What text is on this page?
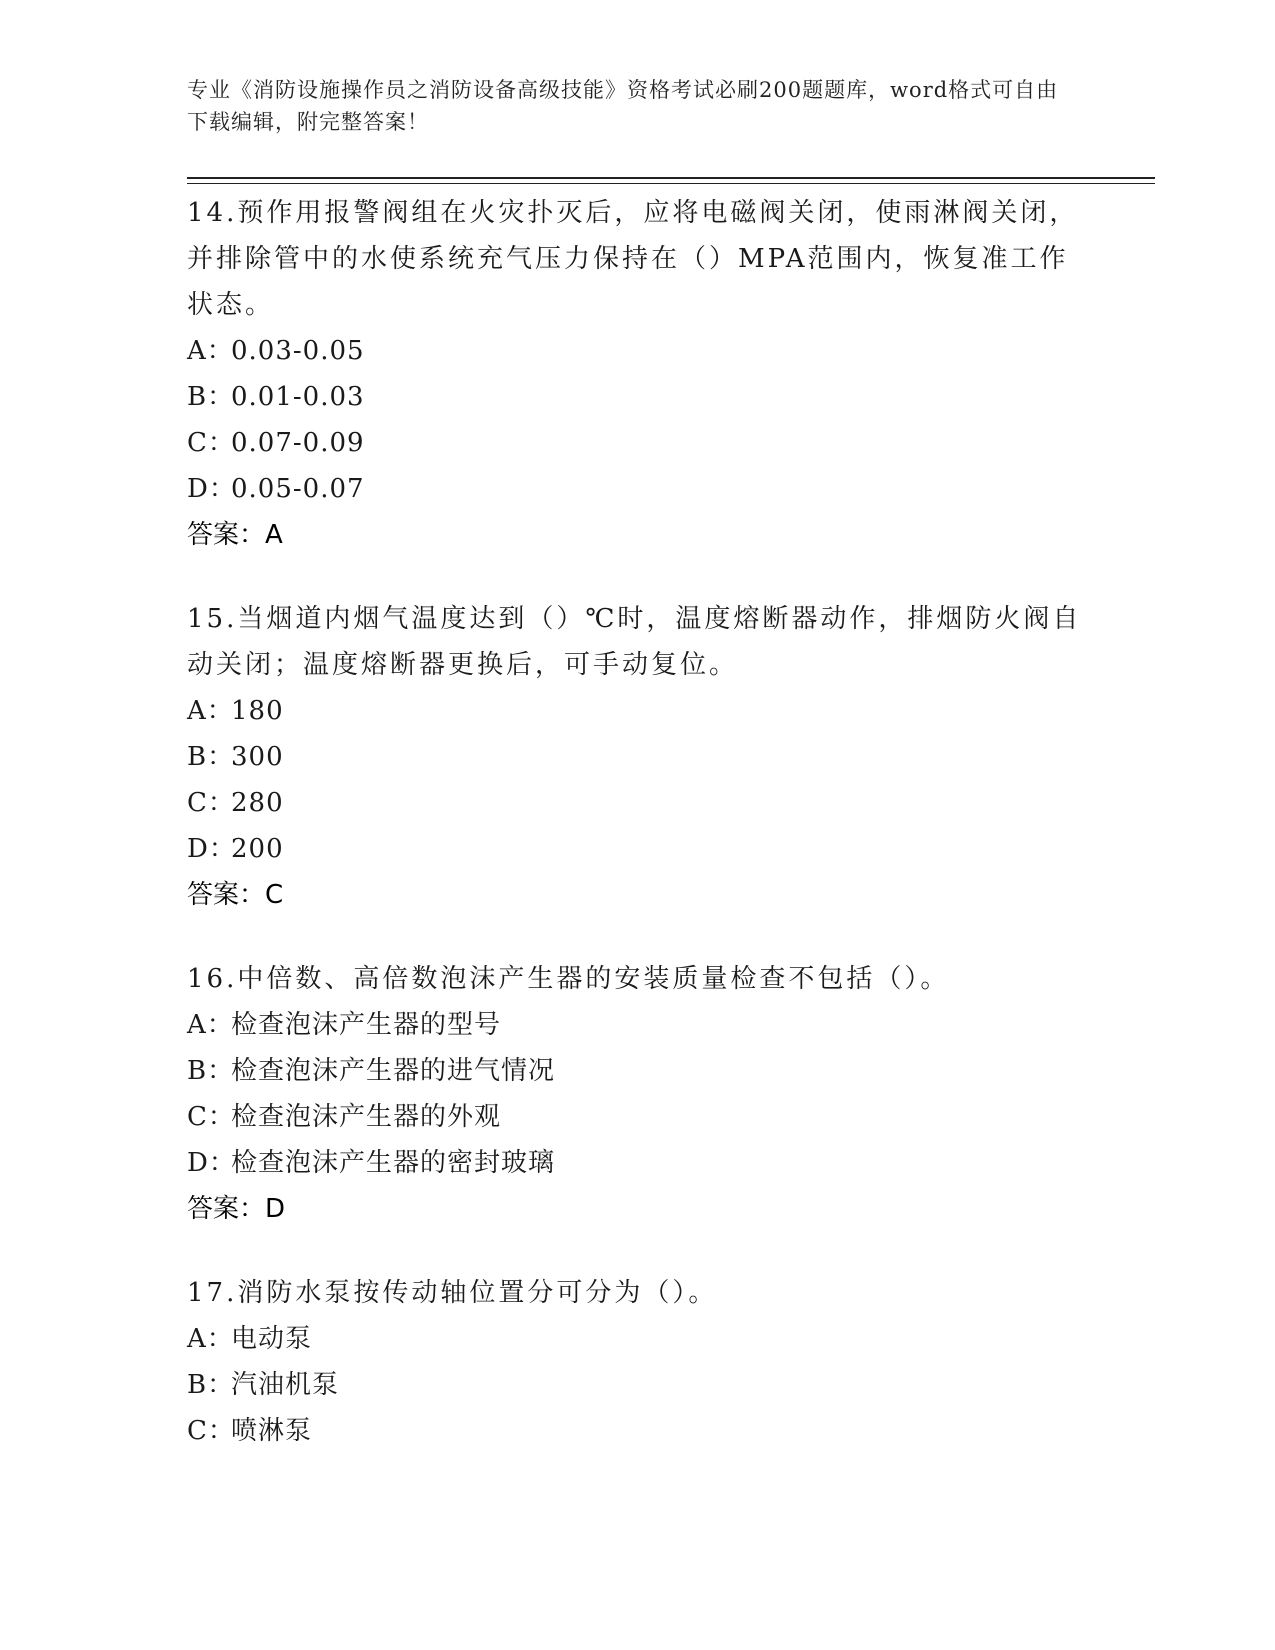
专业《消防设施操作员之消防设备高级技能》资格考试必刷200题题库，word格式可自由下载编辑，附完整答案！
14.预作用报警阀组在火灾扑灭后，应将电磁阀关闭，使雨淋阀关闭，并排除管中的水使系统充气压力保持在（）MPA范围内，恢复准工作状态。
A：0.03-0.05
B：0.01-0.03
C：0.07-0.09
D：0.05-0.07
答案：A
15.当烟道内烟气温度达到（）℃时，温度熔断器动作，排烟防火阀自动关闭；温度熔断器更换后，可手动复位。
A：180
B：300
C：280
D：200
答案：C
16.中倍数、高倍数泡沫产生器的安装质量检查不包括（）。
A：检查泡沫产生器的型号
B：检查泡沫产生器的进气情况
C：检查泡沫产生器的外观
D：检查泡沫产生器的密封玻璃
答案：D
17.消防水泵按传动轴位置分可分为（）。
A：电动泵
B：汽油机泵
C：喷淋泵
